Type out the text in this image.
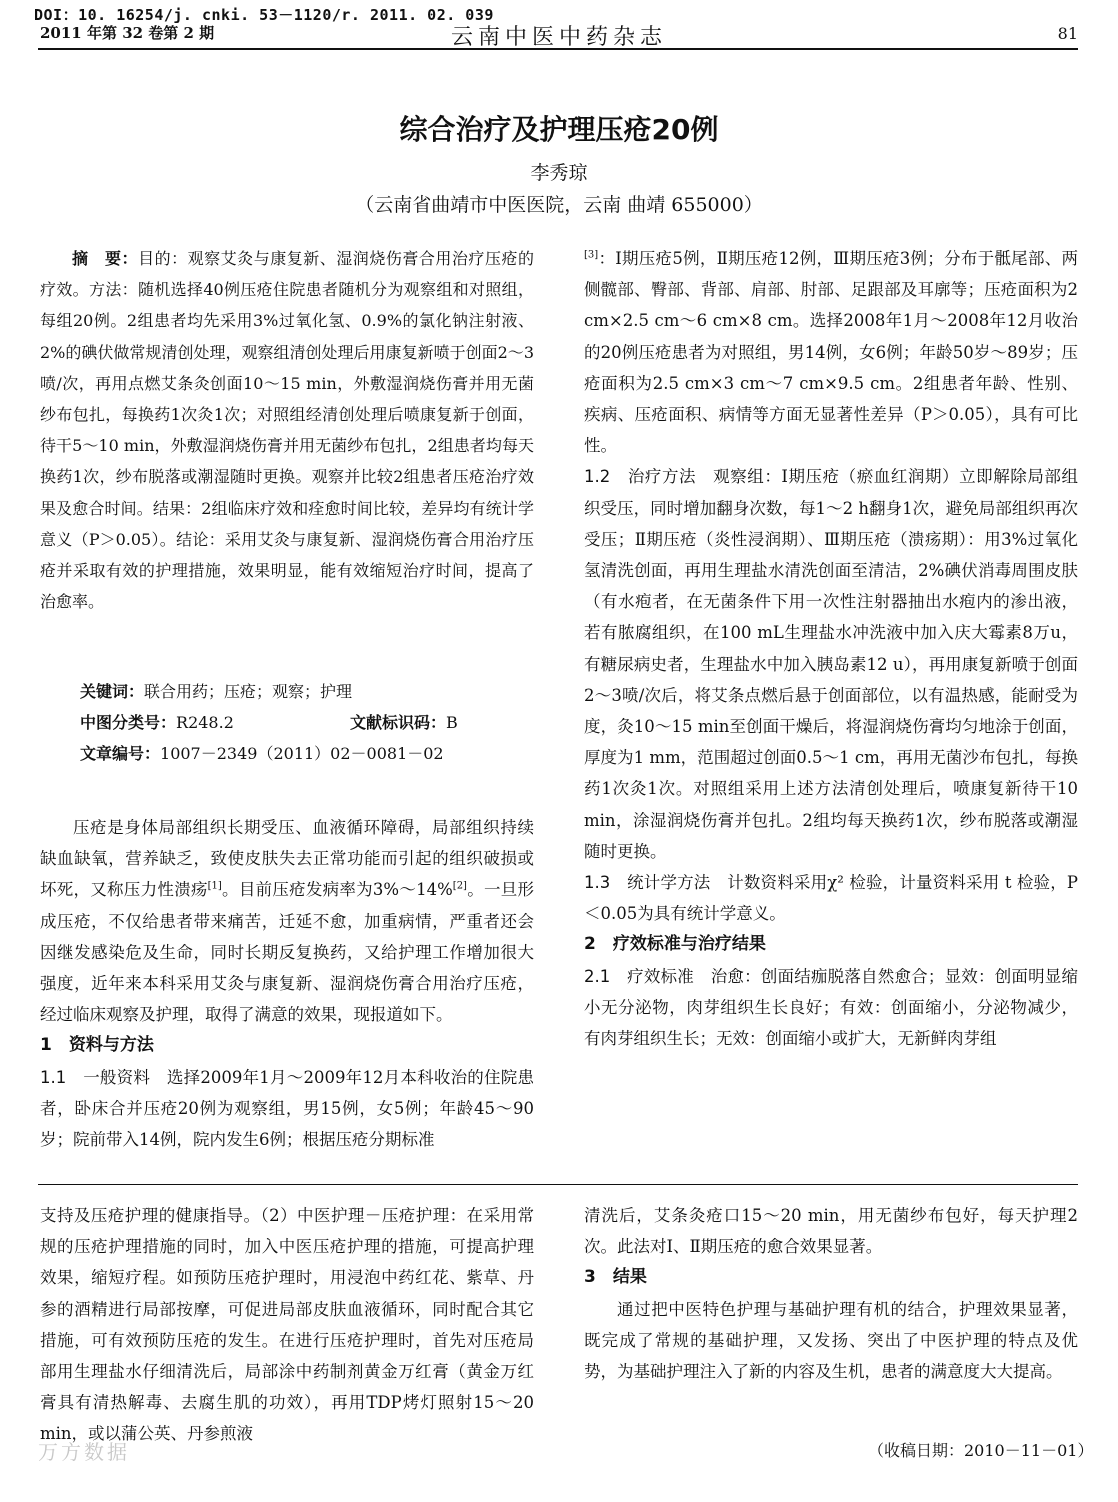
DOI：10. 16254/j. cnki. 53－1120/r. 2011. 02. 039
2011 年第 32 卷第 2 期	云南中医中药杂志	81
综合治疗及护理压疮20例
李秀琼
（云南省曲靖市中医医院，云南 曲靖 655000）

摘　要：目的：观察艾灸与康复新、湿润烧伤膏合用治疗压疮的疗效。方法：随机选择40例压疮住院患者随机分为观察组和对照组，每组20例。2组患者均先采用3%过氧化氢、0.9%的氯化钠注射液、2%的碘伏做常规清创处理，观察组清创处理后用康复新喷于创面2～3喷/次，再用点燃艾条灸创面10～15 min，外敷湿润烧伤膏并用无菌纱布包扎，每换药1次灸1次；对照组经清创处理后喷康复新于创面，待干5～10 min，外敷湿润烧伤膏并用无菌纱布包扎，2组患者均每天换药1次，纱布脱落或潮湿随时更换。观察并比较2组患者压疮治疗效果及愈合时间。结果：2组临床疗效和痊愈时间比较，差异均有统计学意义（P＞0.05）。结论：采用艾灸与康复新、湿润烧伤膏合用治疗压疮并采取有效的护理措施，效果明显，能有效缩短治疗时间，提高了治愈率。

关键词：联合用药；压疮；观察；护理
中图分类号：R248.2	文献标识码：B
文章编号：1007－2349（2011）02－0081－02

压疮是身体局部组织长期受压、血液循环障碍，局部组织持续缺血缺氧，营养缺乏，致使皮肤失去正常功能而引起的组织破损或坏死，又称压力性溃疡[1]。目前压疮发病率为3%～14%[2]。一旦形成压疮，不仅给患者带来痛苦，迁延不愈，加重病情，严重者还会因继发感染危及生命，同时长期反复换药，又给护理工作增加很大强度，近年来本科采用艾灸与康复新、湿润烧伤膏合用治疗压疮，经过临床观察及护理，取得了满意的效果，现报道如下。

1　资料与方法

1.1　一般资料　 选择2009年1月～2009年12月本科收治的住院患者，卧床合并压疮20例为观察组，男15例，女5例；年龄45～90岁；院前带入14例，院内发生6例；根据压疮分期标准

[3]：Ⅰ期压疮5例，Ⅱ期压疮12例，Ⅲ期压疮3例；分布于骶尾部、两侧髋部、臀部、背部、肩部、肘部、足跟部及耳廓等；压疮面积为2 cm×2.5 cm～6 cm×8 cm。选择2008年1月～2008年12月收治的20例压疮患者为对照组，男14例，女6例；年龄50岁～89岁；压疮面积为2.5 cm×3 cm～7 cm×9.5 cm。2组患者年龄、性别、疾病、压疮面积、病情等方面无显著性差异（P＞0.05），具有可比性。

1.2　治疗方法　 观察组：Ⅰ期压疮（瘀血红润期）立即解除局部组织受压，同时增加翻身次数，每1～2 h翻身1次，避免局部组织再次受压；Ⅱ期压疮（炎性浸润期）、Ⅲ期压疮（溃疡期）：用3%过氧化氢清洗创面，再用生理盐水清洗创面至清洁，2%碘伏消毒周围皮肤（有水疱者，在无菌条件下用一次性注射器抽出水疱内的渗出液，若有脓腐组织，在100 mL生理盐水冲洗液中加入庆大霉素8万u，有糖尿病史者，生理盐水中加入胰岛素12 u），再用康复新喷于创面2～3喷/次后，将艾条点燃后悬于创面部位，以有温热感，能耐受为度，灸10～15 min至创面干燥后，将湿润烧伤膏均匀地涂于创面，厚度为1 mm，范围超过创面0.5～1 cm，再用无菌沙布包扎，每换药1次灸1次。对照组采用上述方法清创处理后，喷康复新待干10 min，涂湿润烧伤膏并包扎。2组均每天换药1次，纱布脱落或潮湿随时更换。

1.3　统计学方法　 计数资料采用χ² 检验，计量资料采用 t 检验，P＜0.05为具有统计学意义。

2　疗效标准与治疗结果

2.1　疗效标准　 治愈：创面结痂脱落自然愈合；显效：创面明显缩小无分泌物，肉芽组织生长良好；有效：创面缩小，分泌物减少，有肉芽组织生长；无效：创面缩小或扩大，无新鲜肉芽组

支持及压疮护理的健康指导。（2）中医护理－压疮护理：在采用常规的压疮护理措施的同时，加入中医压疮护理的措施，可提高护理效果，缩短疗程。如预防压疮护理时，用浸泡中药红花、紫草、丹参的酒精进行局部按摩，可促进局部皮肤血液循环，同时配合其它措施，可有效预防压疮的发生。在进行压疮护理时，首先对压疮局部用生理盐水仔细清洗后，局部涂中药制剂黄金万红膏（黄金万红膏具有清热解毒、去腐生肌的功效），再用TDP烤灯照射15～20 min，或以蒲公英、丹参煎液

清洗后，艾条灸疮口15～20 min，用无菌纱布包好，每天护理2次。此法对Ⅰ、Ⅱ期压疮的愈合效果显著。

3　结果

通过把中医特色护理与基础护理有机的结合，护理效果显著，既完成了常规的基础护理，又发扬、突出了中医护理的特点及优势，为基础护理注入了新的内容及生机，患者的满意度大大提高。

（收稿日期：2010－11－01）
万方数据
